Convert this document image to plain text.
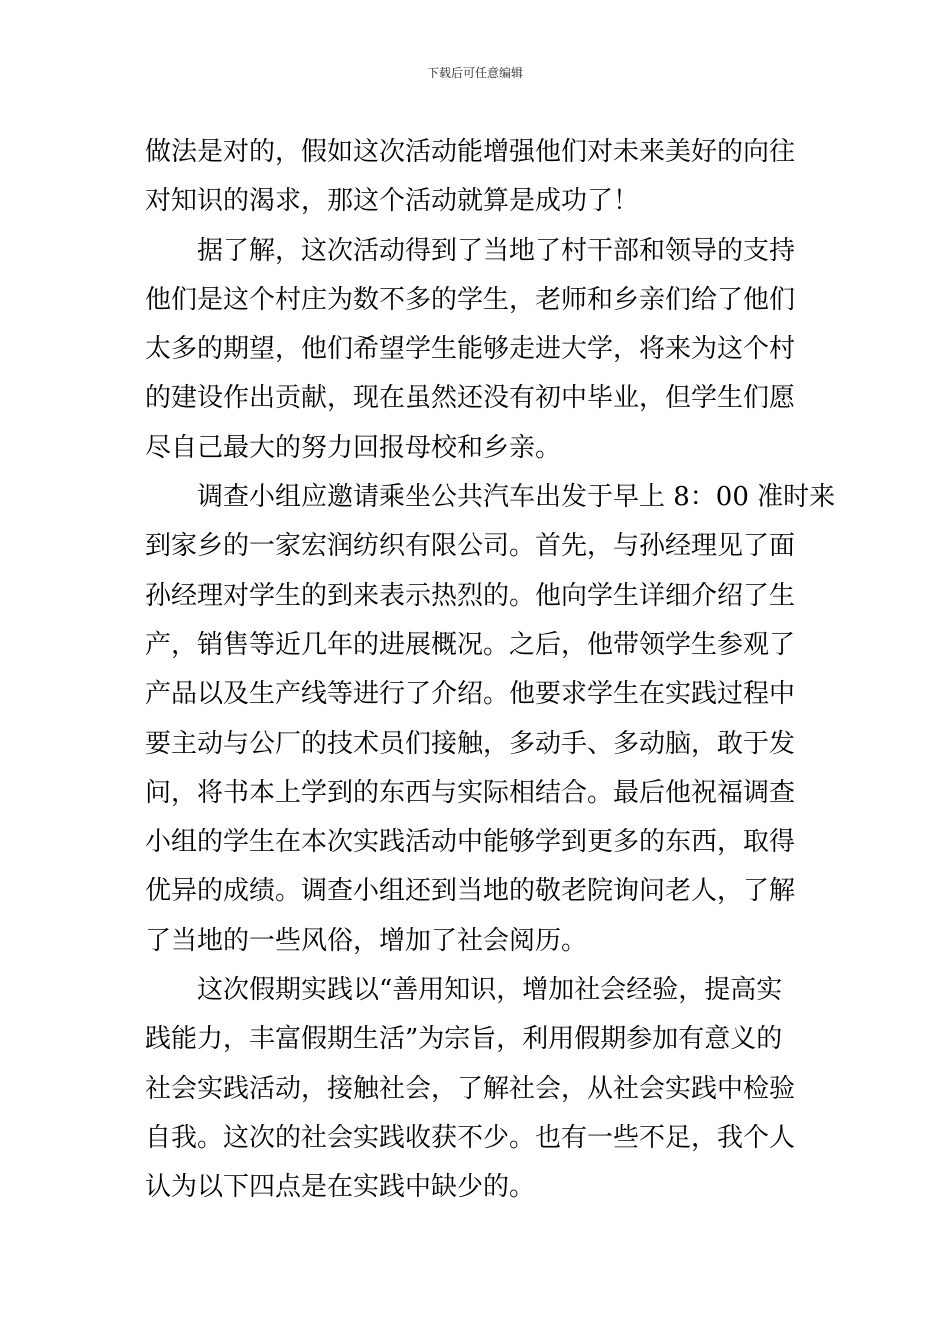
下载后可任意编辑
做法是对的，假如这次活动能增强他们对未来美好的向往
对知识的渴求，那这个活动就算是成功了！
　　据了解，这次活动得到了当地了村干部和领导的支持
他们是这个村庄为数不多的学生，老师和乡亲们给了他们
太多的期望，他们希望学生能够走进大学，将来为这个村
的建设作出贡献，现在虽然还没有初中毕业，但学生们愿
尽自己最大的努力回报母校和乡亲。
　　调查小组应邀请乘坐公共汽车出发于早上 8：00 准时来
到家乡的一家宏润纺织有限公司。首先，与孙经理见了面
孙经理对学生的到来表示热烈的。他向学生详细介绍了生
产，销售等近几年的进展概况。之后，他带领学生参观了
产品以及生产线等进行了介绍。他要求学生在实践过程中
要主动与公厂的技术员们接触，多动手、多动脑，敢于发
问，将书本上学到的东西与实际相结合。最后他祝福调查
小组的学生在本次实践活动中能够学到更多的东西，取得
优异的成绩。调查小组还到当地的敬老院询问老人，了解
了当地的一些风俗，增加了社会阅历。
　　这次假期实践以“善用知识，增加社会经验，提高实
践能力，丰富假期生活”为宗旨，利用假期参加有意义的
社会实践活动，接触社会，了解社会，从社会实践中检验
自我。这次的社会实践收获不少。也有一些不足，我个人
认为以下四点是在实践中缺少的。
